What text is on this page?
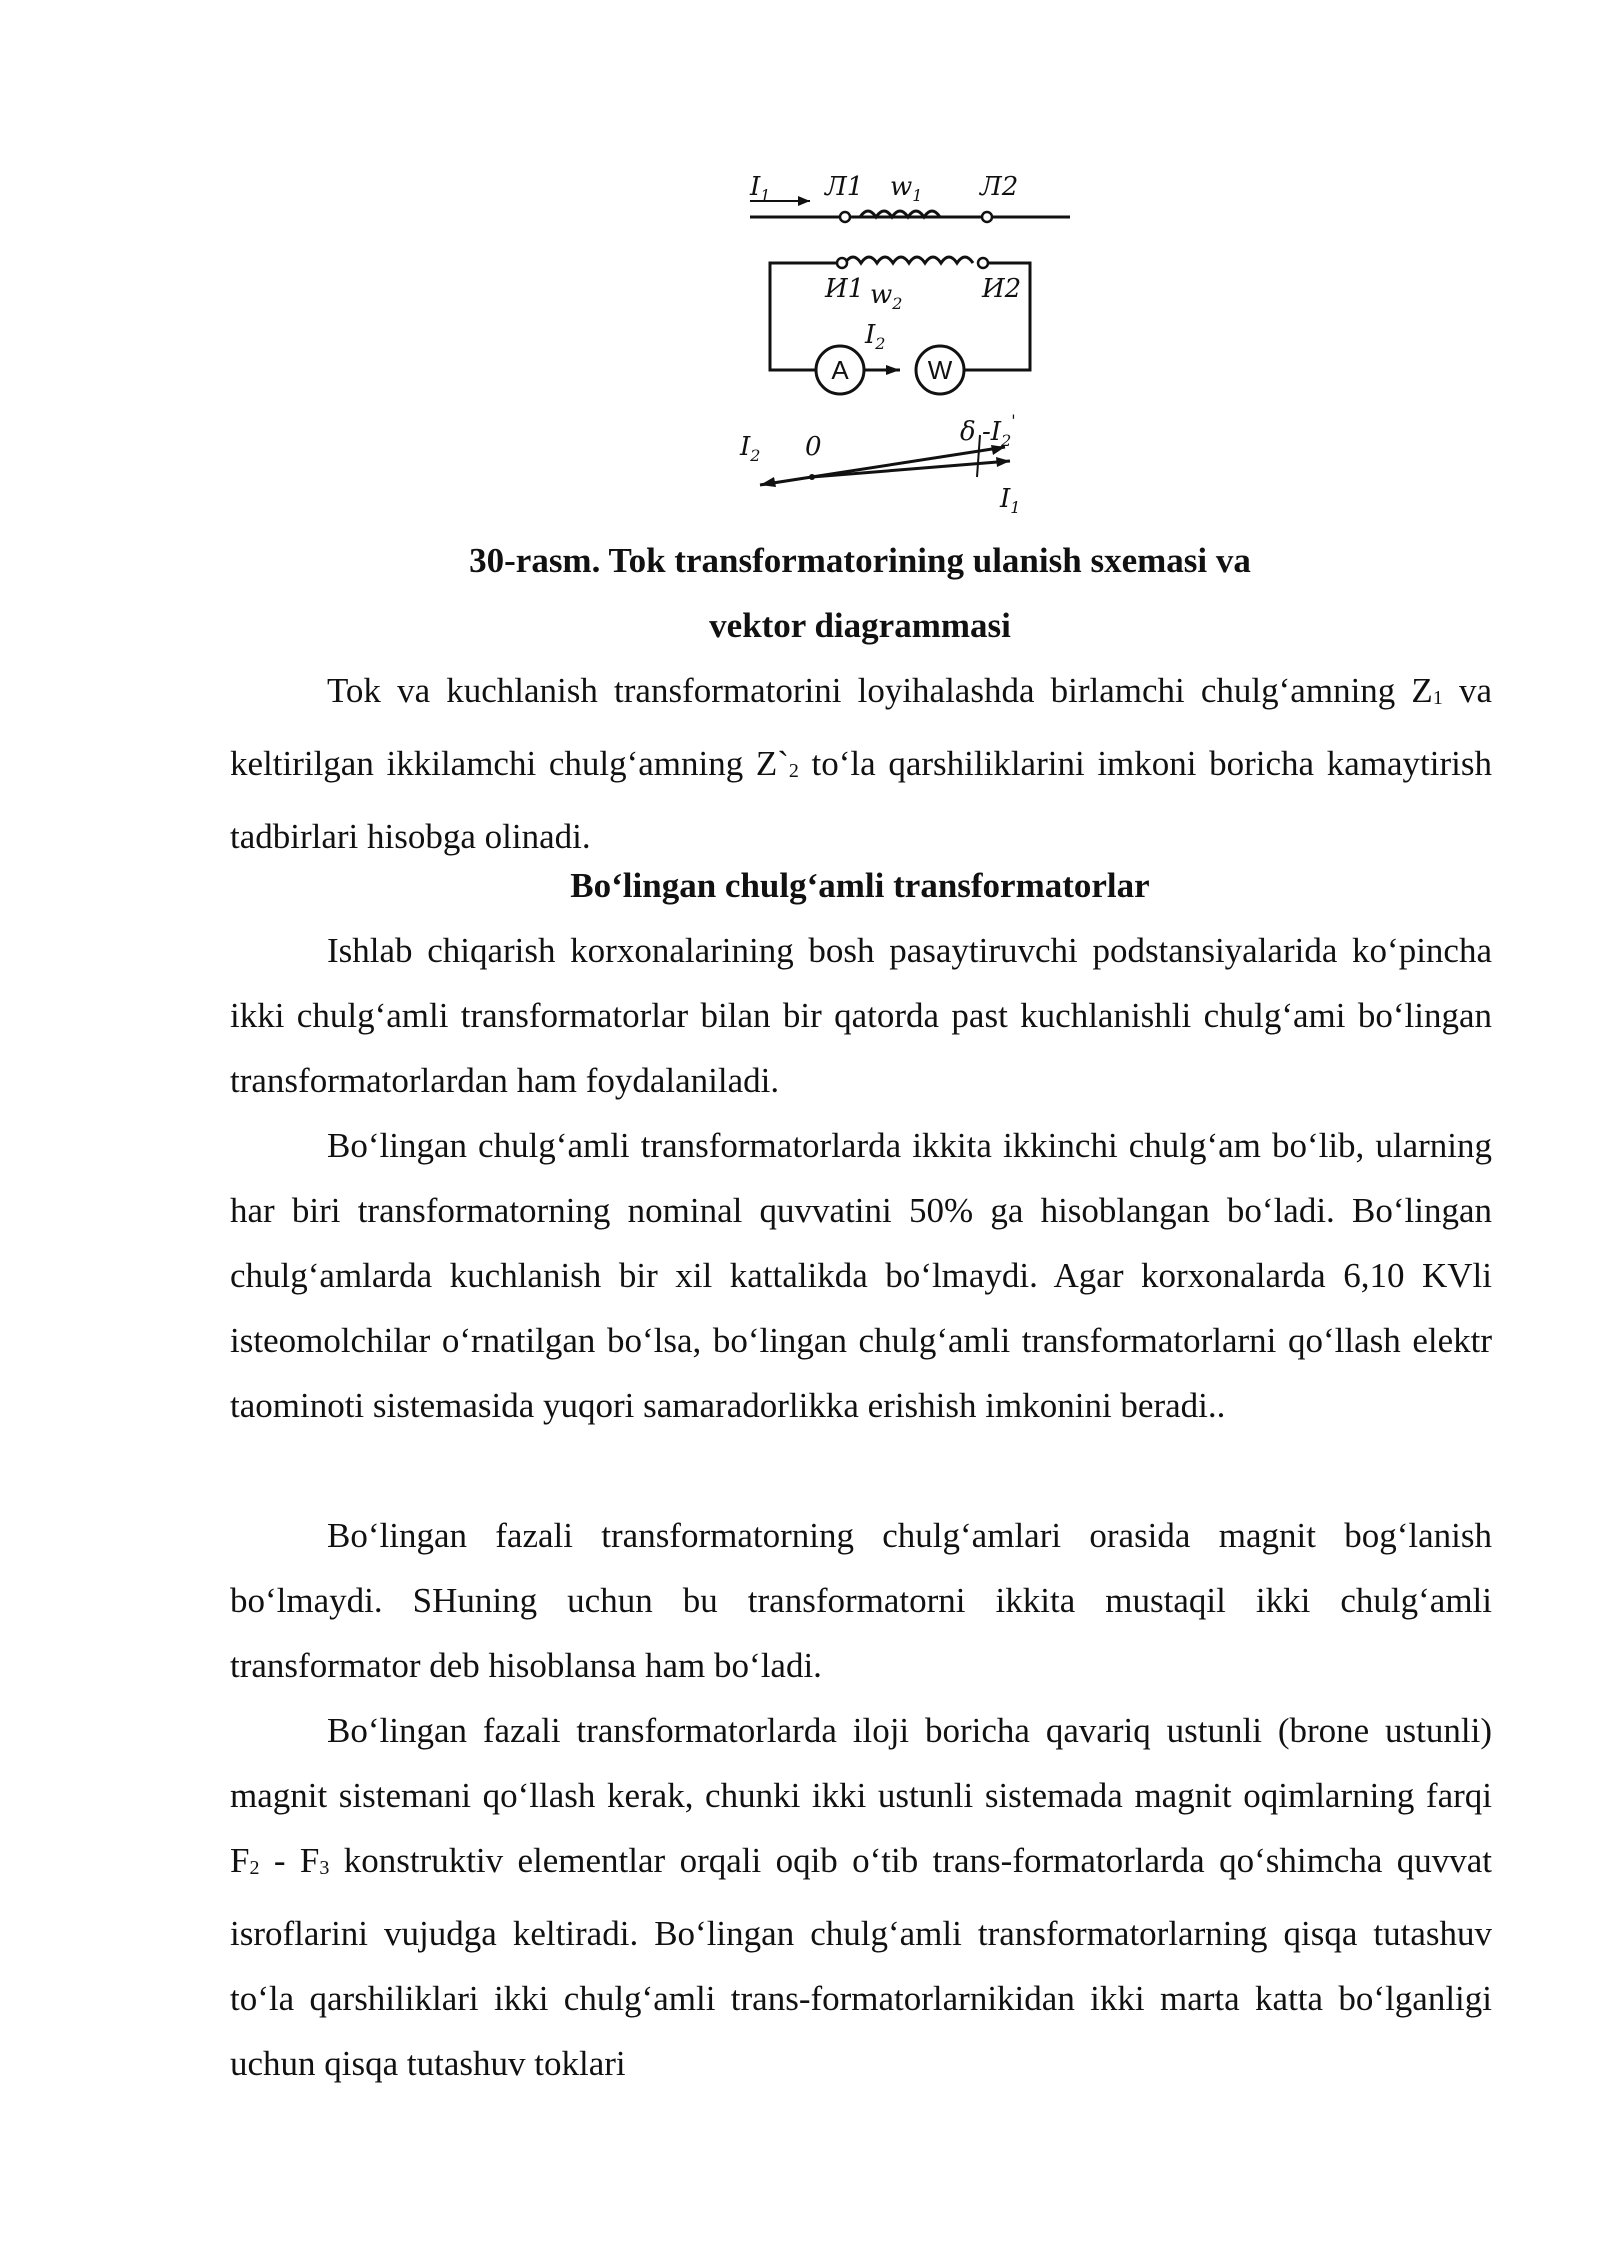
$I_1$ Л1 $w_1$ Л2
A	W
И1 $w_2$	И2
$I_2$
$I_2$ 0	δ $-I_2'$
$I_1$
30-rasm. Tok transformatorining ulanish sxemasi va
vektor diagrammasi

Tok va kuchlanish transformatorini loyihalashda birlamchi chulg‘amning Z1 va keltirilgan ikkilamchi chulg‘amning Z`2 to‘la qarshiliklarini imkoni boricha kamaytirish tadbirlari hisobga olinadi.

Bo‘lingan chulg‘amli transformatorlar

Ishlab chiqarish korxonalarining bosh pasaytiruvchi podstansiyalarida ko‘pincha ikki chulg‘amli transformatorlar bilan bir qatorda past kuchlanishli chulg‘ami bo‘lingan transformatorlardan ham foydalaniladi.

Bo‘lingan chulg‘amli transformatorlarda ikkita ikkinchi chulg‘am bo‘lib, ularning har biri transformatorning nominal quvvatini 50% ga hisoblangan bo‘ladi. Bo‘lingan chulg‘amlarda kuchlanish bir xil kattalikda bo‘lmaydi. Agar korxonalarda 6,10 KVli isteomolchilar o‘rnatilgan bo‘lsa, bo‘lingan chulg‘amli transformatorlarni qo‘llash elektr taominoti sistemasida yuqori samaradorlikka erishish imkonini beradi..

Bo‘lingan fazali transformatorning chulg‘amlari orasida magnit bog‘lanish bo‘lmaydi. SHuning uchun bu transformatorni ikkita mustaqil ikki chulg‘amli transformator deb hisoblansa ham bo‘ladi.

Bo‘lingan fazali transformatorlarda iloji boricha qavariq ustunli (brone ustunli) magnit sistemani qo‘llash kerak, chunki ikki ustunli sistemada magnit oqimlarning farqi F2 - F3 konstruktiv elementlar orqali oqib o‘tib trans-formatorlarda qo‘shimcha quvvat isroflarini vujudga keltiradi. Bo‘lingan chulg‘amli transformatorlarning qisqa tutashuv to‘la qarshiliklari ikki chulg‘amli trans-formatorlarnikidan ikki marta katta bo‘lganligi uchun qisqa tutashuv toklari
